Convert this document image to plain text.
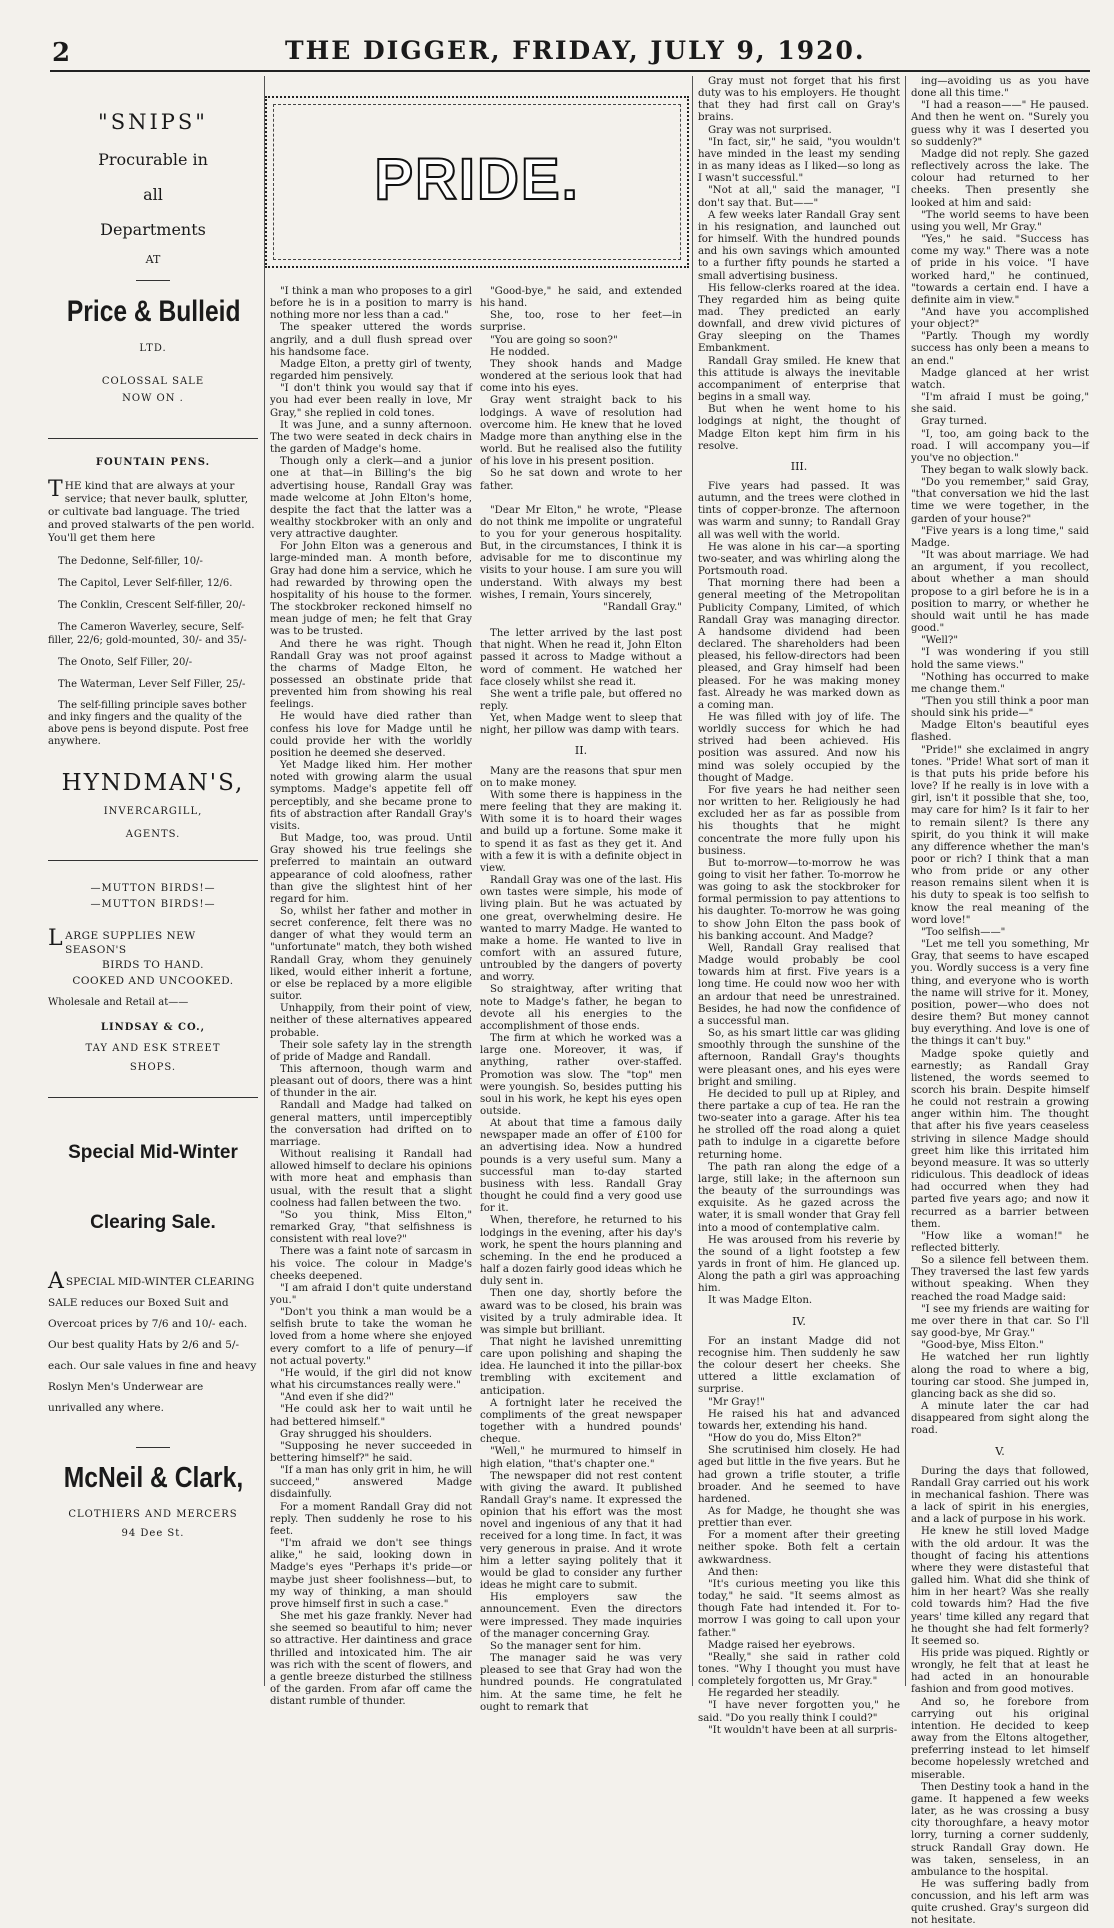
2	THE DIGGER, FRIDAY, JULY 9, 1920.

"SNIPS"

Procurable in

all

Departments

AT

Price & Bulleid

LTD.

COLOSSAL SALE

NOW ON .

FOUNTAIN PENS.

THE kind that are always at your service; that never baulk, splutter, or cultivate bad language. The tried and proved stalwarts of the pen world. You'll get them here

The Dedonne, Self-filler, 10/-
The Capitol, Lever Self-filler, 12/6.
The Conklin, Crescent Self-filler, 20/-
The Cameron Waverley, secure, Self-filler, 22/6; gold-mounted, 30/- and 35/-
The Onoto, Self Filler, 20/-
The Waterman, Lever Self Filler, 25/-

The self-filling principle saves bother and inky fingers and the quality of the above pens is beyond dispute. Post free anywhere.

HYNDMAN'S,

INVERCARGILL,

AGENTS.

—MUTTON BIRDS!—

—MUTTON BIRDS!—

LARGE SUPPLIES NEW SEASON'S

BIRDS TO HAND.

COOKED AND UNCOOKED.

Wholesale and Retail at——

LINDSAY & CO.,

TAY AND ESK STREET

SHOPS.

Special Mid-Winter

Clearing Sale.

ASPECIAL MID-WINTER CLEARING SALE reduces our Boxed Suit and Overcoat prices by 7/6 and 10/- each. Our best quality Hats by 2/6 and 5/- each. Our sale values in fine and heavy Roslyn Men's Underwear are unrivalled any where.

McNeil & Clark,

CLOTHIERS AND MERCERS

94 Dee St.

PRIDE.

"I think a man who proposes to a girl before he is in a position to marry is nothing more nor less than a cad."

The speaker uttered the words angrily, and a dull flush spread over his handsome face.

Madge Elton, a pretty girl of twenty, regarded him pensively.

"I don't think you would say that if you had ever been really in love, Mr Gray," she replied in cold tones.

It was June, and a sunny afternoon. The two were seated in deck chairs in the garden of Madge's home.

Though only a clerk—and a junior one at that—in Billing's the big advertising house, Randall Gray was made welcome at John Elton's home, despite the fact that the latter was a wealthy stockbroker with an only and very attractive daughter.

For John Elton was a generous and large-minded man. A month before, Gray had done him a service, which he had rewarded by throwing open the hospitality of his house to the former. The stockbroker reckoned himself no mean judge of men; he felt that Gray was to be trusted.

And there he was right. Though Randall Gray was not proof against the charms of Madge Elton, he possessed an obstinate pride that prevented him from showing his real feelings.

He would have died rather than confess his love for Madge until he could provide her with the worldly position he deemed she deserved.

Yet Madge liked him. Her mother noted with growing alarm the usual symptoms. Madge's appetite fell off perceptibly, and she became prone to fits of abstraction after Randall Gray's visits.

But Madge, too, was proud. Until Gray showed his true feelings she preferred to maintain an outward appearance of cold aloofness, rather than give the slightest hint of her regard for him.

So, whilst her father and mother in secret conference, felt there was no danger of what they would term an "unfortunate" match, they both wished Randall Gray, whom they genuinely liked, would either inherit a fortune, or else be replaced by a more eligible suitor.

Unhappily, from their point of view, neither of these alternatives appeared probable.

Their sole safety lay in the strength of pride of Madge and Randall.

This afternoon, though warm and pleasant out of doors, there was a hint of thunder in the air.

Randall and Madge had talked on general matters, until imperceptibly the conversation had drifted on to marriage.

Without realising it Randall had allowed himself to declare his opinions with more heat and emphasis than usual, with the result that a slight coolness had fallen between the two.

"So you think, Miss Elton," remarked Gray, "that selfishness is consistent with real love?"

There was a faint note of sarcasm in his voice. The colour in Madge's cheeks deepened.

"I am afraid I don't quite understand you."

"Don't you think a man would be a selfish brute to take the woman he loved from a home where she enjoyed every comfort to a life of penury—if not actual poverty."

"He would, if the girl did not know what his circumstances really were."

"And even if she did?"

"He could ask her to wait until he had bettered himself."

Gray shrugged his shoulders.

"Supposing he never succeeded in bettering himself?" he said.

"If a man has only grit in him, he will succeed," answered Madge disdainfully.

For a moment Randall Gray did not reply. Then suddenly he rose to his feet.

"I'm afraid we don't see things alike," he said, looking down in Madge's eyes "Perhaps it's pride—or maybe just sheer foolishness—but, to my way of thinking, a man should prove himself first in such a case."

She met his gaze frankly. Never had she seemed so beautiful to him; never so attractive. Her daintiness and grace thrilled and intoxicated him. The air was rich with the scent of flowers, and a gentle breeze disturbed the stillness of the garden. From afar off came the distant rumble of thunder.

"Good-bye," he said, and extended his hand.

She, too, rose to her feet—in surprise.

"You are going so soon?"

He nodded.

They shook hands and Madge wondered at the serious look that had come into his eyes.

Gray went straight back to his lodgings. A wave of resolution had overcome him. He knew that he loved Madge more than anything else in the world. But he realised also the futility of his love in his present position.

So he sat down and wrote to her father.

"Dear Mr Elton," he wrote, "Please do not think me impolite or ungrateful to you for your generous hospitality. But, in the circumstances, I think it is advisable for me to discontinue my visits to your house. I am sure you will understand. With always my best wishes, I remain, Yours sincerely,

"Randall Gray."

The letter arrived by the last post that night. When he read it, John Elton passed it across to Madge without a word of comment. He watched her face closely whilst she read it.

She went a trifle pale, but offered no reply.

Yet, when Madge went to sleep that night, her pillow was damp with tears.

II.

Many are the reasons that spur men on to make money.

With some there is happiness in the mere feeling that they are making it. With some it is to hoard their wages and build up a fortune. Some make it to spend it as fast as they get it. And with a few it is with a definite object in view.

Randall Gray was one of the last. His own tastes were simple, his mode of living plain. But he was actuated by one great, overwhelming desire. He wanted to marry Madge. He wanted to make a home. He wanted to live in comfort with an assured future, untroubled by the dangers of poverty and worry.

So straightway, after writing that note to Madge's father, he began to devote all his energies to the accomplishment of those ends.

The firm at which he worked was a large one. Moreover, it was, if anything, rather over-staffed. Promotion was slow. The "top" men were youngish. So, besides putting his soul in his work, he kept his eyes open outside.

At about that time a famous daily newspaper made an offer of £100 for an advertising idea. Now a hundred pounds is a very useful sum. Many a successful man to-day started business with less. Randall Gray thought he could find a very good use for it.

When, therefore, he returned to his lodgings in the evening, after his day's work, he spent the hours planning and scheming. In the end he produced a half a dozen fairly good ideas which he duly sent in.

Then one day, shortly before the award was to be closed, his brain was visited by a truly admirable idea. It was simple but brilliant.

That night he lavished unremitting care upon polishing and shaping the idea. He launched it into the pillar-box trembling with excitement and anticipation.

A fortnight later he received the compliments of the great newspaper together with a hundred pounds' cheque.

"Well," he murmured to himself in high elation, "that's chapter one."

The newspaper did not rest content with giving the award. It published Randall Gray's name. It expressed the opinion that his effort was the most novel and ingenious of any that it had received for a long time. In fact, it was very generous in praise. And it wrote him a letter saying politely that it would be glad to consider any further ideas he might care to submit.

His employers saw the announcement. Even the directors were impressed. They made inquiries of the manager concerning Gray.

So the manager sent for him.

The manager said he was very pleased to see that Gray had won the hundred pounds. He congratulated him. At the same time, he felt he ought to remark that

Gray must not forget that his first duty was to his employers. He thought that they had first call on Gray's brains.

Gray was not surprised.

"In fact, sir," he said, "you wouldn't have minded in the least my sending in as many ideas as I liked—so long as I wasn't successful."

"Not at all," said the manager, "I don't say that. But——"

A few weeks later Randall Gray sent in his resignation, and launched out for himself. With the hundred pounds and his own savings which amounted to a further fifty pounds he started a small advertising business.

His fellow-clerks roared at the idea. They regarded him as being quite mad. They predicted an early downfall, and drew vivid pictures of Gray sleeping on the Thames Embankment.

Randall Gray smiled. He knew that this attitude is always the inevitable accompaniment of enterprise that begins in a small way.

But when he went home to his lodgings at night, the thought of Madge Elton kept him firm in his resolve.

III.

Five years had passed. It was autumn, and the trees were clothed in tints of copper-bronze. The afternoon was warm and sunny; to Randall Gray all was well with the world.

He was alone in his car—a sporting two-seater, and was whirling along the Portsmouth road.

That morning there had been a general meeting of the Metropolitan Publicity Company, Limited, of which Randall Gray was managing director. A handsome dividend had been declared. The shareholders had been pleased, his fellow-directors had been pleased, and Gray himself had been pleased. For he was making money fast. Already he was marked down as a coming man.

He was filled with joy of life. The worldly success for which he had strived had been achieved. His position was assured. And now his mind was solely occupied by the thought of Madge.

For five years he had neither seen nor written to her. Religiously he had excluded her as far as possible from his thoughts that he might concentrate the more fully upon his business.

But to-morrow—to-morrow he was going to visit her father. To-morrow he was going to ask the stockbroker for formal permission to pay attentions to his daughter. To-morrow he was going to show John Elton the pass book of his banking account. And Madge?

Well, Randall Gray realised that Madge would probably be cool towards him at first. Five years is a long time. He could now woo her with an ardour that need be unrestrained. Besides, he had now the confidence of a successful man.

So, as his smart little car was gliding smoothly through the sunshine of the afternoon, Randall Gray's thoughts were pleasant ones, and his eyes were bright and smiling.

He decided to pull up at Ripley, and there partake a cup of tea. He ran the two-seater into a garage. After his tea he strolled off the road along a quiet path to indulge in a cigarette before returning home.

The path ran along the edge of a large, still lake; in the afternoon sun the beauty of the surroundings was exquisite. As he gazed across the water, it is small wonder that Gray fell into a mood of contemplative calm.

He was aroused from his reverie by the sound of a light footstep a few yards in front of him. He glanced up. Along the path a girl was approaching him.

It was Madge Elton.

IV.

For an instant Madge did not recognise him. Then suddenly he saw the colour desert her cheeks. She uttered a little exclamation of surprise.

"Mr Gray!"

He raised his hat and advanced towards her, extending his hand.

"How do you do, Miss Elton?"

She scrutinised him closely. He had aged but little in the five years. But he had grown a trifle stouter, a trifle broader. And he seemed to have hardened.

As for Madge, he thought she was prettier than ever.

For a moment after their greeting neither spoke. Both felt a certain awkwardness.

And then:

"It's curious meeting you like this today," he said. "It seems almost as though Fate had intended it. For to-morrow I was going to call upon your father."

Madge raised her eyebrows.

"Really," she said in rather cold tones. "Why I thought you must have completely forgotten us, Mr Gray."

He regarded her steadily.

"I have never forgotten you," he said. "Do you really think I could?"

"It wouldn't have been at all surpris-

ing—avoiding us as you have done all this time."

"I had a reason——" He paused. And then he went on. "Surely you guess why it was I deserted you so suddenly?"

Madge did not reply. She gazed reflectively across the lake. The colour had returned to her cheeks. Then presently she looked at him and said:

"The world seems to have been using you well, Mr Gray."

"Yes," he said. "Success has come my way." There was a note of pride in his voice. "I have worked hard," he continued, "towards a certain end. I have a definite aim in view."

"And have you accomplished your object?"

"Partly. Though my wordly success has only been a means to an end."

Madge glanced at her wrist watch.

"I'm afraid I must be going," she said.

Gray turned.

"I, too, am going back to the road. I will accompany you—if you've no objection."

They began to walk slowly back.

"Do you remember," said Gray, "that conversation we hid the last time we were together, in the garden of your house?"

"Five years is a long time," said Madge.

"It was about marriage. We had an argument, if you recollect, about whether a man should propose to a girl before he is in a position to marry, or whether he should wait until he has made good."

"Well?"

"I was wondering if you still hold the same views."

"Nothing has occurred to make me change them."

"Then you still think a poor man should sink his pride—"

Madge Elton's beautiful eyes flashed.

"Pride!" she exclaimed in angry tones. "Pride! What sort of man it is that puts his pride before his love? If he really is in love with a girl, isn't it possible that she, too, may care for him? Is it fair to her to remain silent? Is there any spirit, do you think it will make any difference whether the man's poor or rich? I think that a man who from pride or any other reason remains silent when it is his duty to speak is too selfish to know the real meaning of the word love!"

"Too selfish——"

"Let me tell you something, Mr Gray, that seems to have escaped you. Wordly success is a very fine thing, and everyone who is worth the name will strive for it. Money, position, power—who does not desire them? But money cannot buy everything. And love is one of the things it can't buy."

Madge spoke quietly and earnestly; as Randall Gray listened, the words seemed to scorch his brain. Despite himself he could not restrain a growing anger within him. The thought that after his five years ceaseless striving in silence Madge should greet him like this irritated him beyond measure. It was so utterly ridiculous. This deadlock of ideas had occurred when they had parted five years ago; and now it recurred as a barrier between them.

"How like a woman!" he reflected bitterly.

So a silence fell between them. They traversed the last few yards without speaking. When they reached the road Madge said:

"I see my friends are waiting for me over there in that car. So I'll say good-bye, Mr Gray."

"Good-bye, Miss Elton."

He watched her run lightly along the road to where a big, touring car stood. She jumped in, glancing back as she did so.

A minute later the car had disappeared from sight along the road.

V.

During the days that followed, Randall Gray carried out his work in mechanical fashion. There was a lack of spirit in his energies, and a lack of purpose in his work.

He knew he still loved Madge with the old ardour. It was the thought of facing his attentions where they were distasteful that galled him. What did she think of him in her heart? Was she really cold towards him? Had the five years' time killed any regard that he thought she had felt formerly? It seemed so.

His pride was piqued. Rightly or wrongly, he felt that at least he had acted in an honourable fashion and from good motives.

And so, he forebore from carrying out his original intention. He decided to keep away from the Eltons altogether, preferring instead to let himself become hopelessly wretched and miserable.

Then Destiny took a hand in the game. It happened a few weeks later, as he was crossing a busy city thoroughfare, a heavy motor lorry, turning a corner suddenly, struck Randall Gray down. He was taken, senseless, in an ambulance to the hospital.

He was suffering badly from concussion, and his left arm was quite crushed. Gray's surgeon did not hesitate.
